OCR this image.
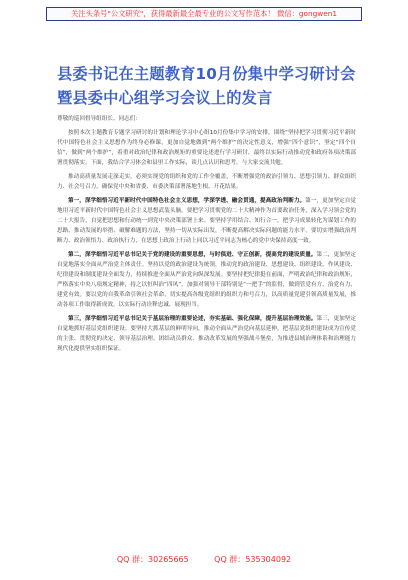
关注头条号"公文研究"，获得最新最全最专业的公文写作范本！ 微信：gongwen1
县委书记在主题教育10月份集中学习研讨会暨县委中心组学习会议上的发言

尊敬的巡回督导组组长、同志们：

按照本次主题教育专题学习研讨的计划和理论学习中心组10月份集中学习的安排，围绕“坚持把学习贯彻习近平新时代中国特色社会主义思想作为终身必修课，更加自觉地做到“两个维护”的决定性意义，增强“四个意识”，坚定“四个自信”，做到“两个维护”，着重对政治纪律和政治规矩的重要论述进行学习研讨，最终以实际行动推动党和政府各项决策部署贯彻落实。下面，我结合学习体会和县里工作实际，谈几点认识和思考，与大家交流共勉。

推动高质量发展走深走实，必须实现党的组织和党的工作全覆盖，不断增强党的政治引领力、思想引领力、群众组织力、社会号召力，确保党中央和省委、市委决策部署落地生根、开花结果。

第一，深学细悟习近平新时代中国特色社会主义思想，学深学透、融会贯通，提高政治判断力。第一，更加坚定自觉地用习近平新时代中国特色社会主义思想武装头脑。要把学习贯彻党的二十大精神作为首要政治任务，深入学习领会党的二十大报告，自觉把思想和行动统一到党中央决策部署上来。要坚持学用结合、知行合一，把学习成果转化为谋划工作的思路、推动发展的举措、破解难题的方法，坚持一切从实际出发，不断提高解决实际问题的能力水平。要切实增强政治判断力、政治领悟力、政治执行力，在思想上政治上行动上同以习近平同志为核心的党中央保持高度一致。

第二，深学细悟习近平总书记关于党的建设的重要思想，与时俱进、守正创新，提高党的建设质量。第二，更加坚定自觉地落实全面从严治党主体责任。坚持以党的政治建设为统领，推动党的政治建设、思想建设、组织建设、作风建设、纪律建设和制度建设全面发力，持续推进全面从严治党向纵深发展。要坚持把纪律挺在前面，严明政治纪律和政治规矩，严格落实中央八项规定精神，持之以恒纠治“四风”，加强对领导干部特别是“一把手”的监督，做到管党有方、治党有力、建党有效。要以党的自我革命引领社会革命，切实提高各级党组织的组织力和号召力，以高质量党建引领高质量发展，推动各项工作取得新成效，以实际行动诠释忠诚、展现担当。

第三，深学细悟习近平总书记关于基层治理的重要论述，夯实基础、强化保障，提升基层治理效能。第三，更加坚定自觉地抓好基层党组织建设。要坚持大抓基层的鲜明导向，推动全面从严治党向基层延伸，把基层党组织建设成为宣传党的主张、贯彻党的决定、领导基层治理、团结动员群众、推动改革发展的坚强战斗堡垒，为推进县域治理体系和治理能力现代化提供坚实组织保证。

QQ 群：30265665	QQ 群：535304092
